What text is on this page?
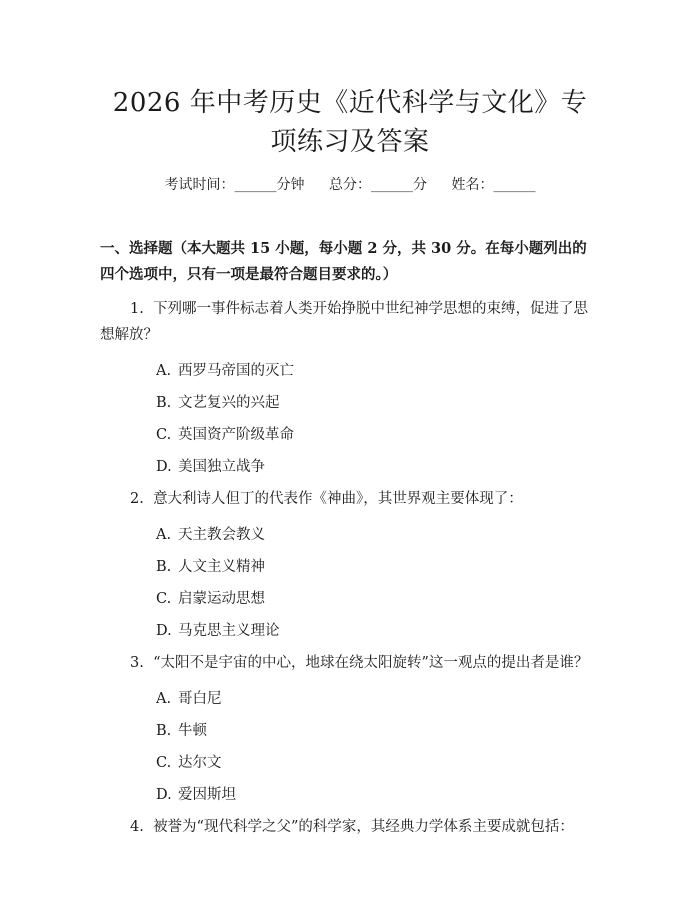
2026 年中考历史《近代科学与文化》专项练习及答案
考试时间：______分钟 总分：______分 姓名：______
一、选择题（本大题共 15 小题，每小题 2 分，共 30 分。在每小题列出的四个选项中，只有一项是最符合题目要求的。）
1. 下列哪一事件标志着人类开始挣脱中世纪神学思想的束缚，促进了思想解放？
A. 西罗马帝国的灭亡
B. 文艺复兴的兴起
C. 英国资产阶级革命
D. 美国独立战争
2. 意大利诗人但丁的代表作《神曲》，其世界观主要体现了：
A. 天主教会教义
B. 人文主义精神
C. 启蒙运动思想
D. 马克思主义理论
3. “太阳不是宇宙的中心，地球在绕太阳旋转”这一观点的提出者是谁？
A. 哥白尼
B. 牛顿
C. 达尔文
D. 爱因斯坦
4. 被誉为“现代科学之父”的科学家，其经典力学体系主要成就包括：
